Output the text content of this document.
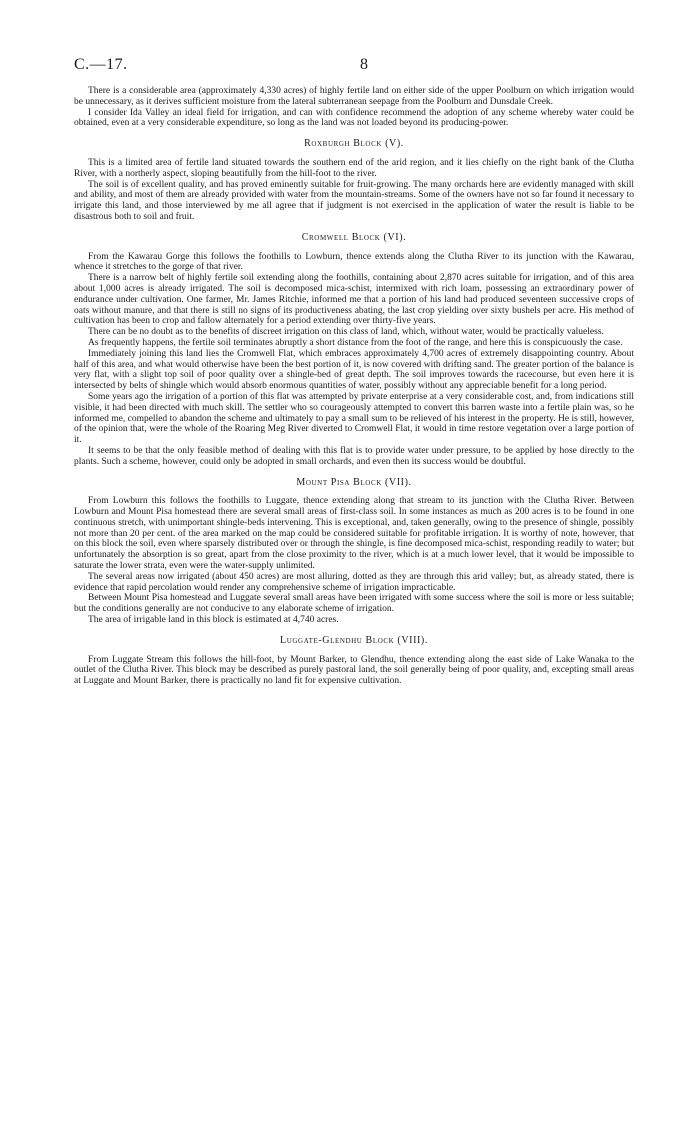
C.—17.	8

There is a considerable area (approximately 4,330 acres) of highly fertile land on either side of the upper Poolburn on which irrigation would be unnecessary, as it derives sufficient moisture from the lateral subterranean seepage from the Poolburn and Dunsdale Creek.

I consider Ida Valley an ideal field for irrigation, and can with confidence recommend the adoption of any scheme whereby water could be obtained, even at a very considerable expenditure, so long as the land was not loaded beyond its producing-power.

Roxburgh Block (V).

This is a limited area of fertile land situated towards the southern end of the arid region, and it lies chiefly on the right bank of the Clutha River, with a northerly aspect, sloping beautifully from the hill-foot to the river.

The soil is of excellent quality, and has proved eminently suitable for fruit-growing. The many orchards here are evidently managed with skill and ability, and most of them are already provided with water from the mountain-streams. Some of the owners have not so far found it necessary to irrigate this land, and those interviewed by me all agree that if judgment is not exercised in the application of water the result is liable to be disastrous both to soil and fruit.

Cromwell Block (VI).

From the Kawarau Gorge this follows the foothills to Lowburn, thence extends along the Clutha River to its junction with the Kawarau, whence it stretches to the gorge of that river.

There is a narrow belt of highly fertile soil extending along the foothills, containing about 2,870 acres suitable for irrigation, and of this area about 1,000 acres is already irrigated. The soil is decomposed mica-schist, intermixed with rich loam, possessing an extraordinary power of endurance under cultivation. One farmer, Mr. James Ritchie, informed me that a portion of his land had produced seventeen successive crops of oats without manure, and that there is still no signs of its productiveness abating, the last crop yielding over sixty bushels per acre. His method of cultivation has been to crop and fallow alternately for a period extending over thirty-five years.

There can be no doubt as to the benefits of discreet irrigation on this class of land, which, without water, would be practically valueless.

As frequently happens, the fertile soil terminates abruptly a short distance from the foot of the range, and here this is conspicuously the case.

Immediately joining this land lies the Cromwell Flat, which embraces approximately 4,700 acres of extremely disappointing country. About half of this area, and what would otherwise have been the best portion of it, is now covered with drifting sand. The greater portion of the balance is very flat, with a slight top soil of poor quality over a shingle-bed of great depth. The soil improves towards the racecourse, but even here it is intersected by belts of shingle which would absorb enormous quantities of water, possibly without any appreciable benefit for a long period.

Some years ago the irrigation of a portion of this flat was attempted by private enterprise at a very considerable cost, and, from indications still visible, it had been directed with much skill. The settler who so courageously attempted to convert this barren waste into a fertile plain was, so he informed me, compelled to abandon the scheme and ultimately to pay a small sum to be relieved of his interest in the property. He is still, however, of the opinion that, were the whole of the Roaring Meg River diverted to Cromwell Flat, it would in time restore vegetation over a large portion of it.

It seems to be that the only feasible method of dealing with this flat is to provide water under pressure, to be applied by hose directly to the plants. Such a scheme, however, could only be adopted in small orchards, and even then its success would be doubtful.

Mount Pisa Block (VII).

From Lowburn this follows the foothills to Luggate, thence extending along that stream to its junction with the Clutha River. Between Lowburn and Mount Pisa homestead there are several small areas of first-class soil. In some instances as much as 200 acres is to be found in one continuous stretch, with unimportant shingle-beds intervening. This is exceptional, and, taken generally, owing to the presence of shingle, possibly not more than 20 per cent. of the area marked on the map could be considered suitable for profitable irrigation. It is worthy of note, however, that on this block the soil, even where sparsely distributed over or through the shingle, is fine decomposed mica-schist, responding readily to water; but unfortunately the absorption is so great, apart from the close proximity to the river, which is at a much lower level, that it would be impossible to saturate the lower strata, even were the water-supply unlimited.

The several areas now irrigated (about 450 acres) are most alluring, dotted as they are through this arid valley; but, as already stated, there is evidence that rapid percolation would render any comprehensive scheme of irrigation impracticable.

Between Mount Pisa homestead and Luggate several small areas have been irrigated with some success where the soil is more or less suitable; but the conditions generally are not conducive to any elaborate scheme of irrigation.

The area of irrigable land in this block is estimated at 4,740 acres.

Luggate-Glendhu Block (VIII).

From Luggate Stream this follows the hill-foot, by Mount Barker, to Glendhu, thence extending along the east side of Lake Wanaka to the outlet of the Clutha River. This block may be described as purely pastoral land, the soil generally being of poor quality, and, excepting small areas at Luggate and Mount Barker, there is practically no land fit for expensive cultivation.
